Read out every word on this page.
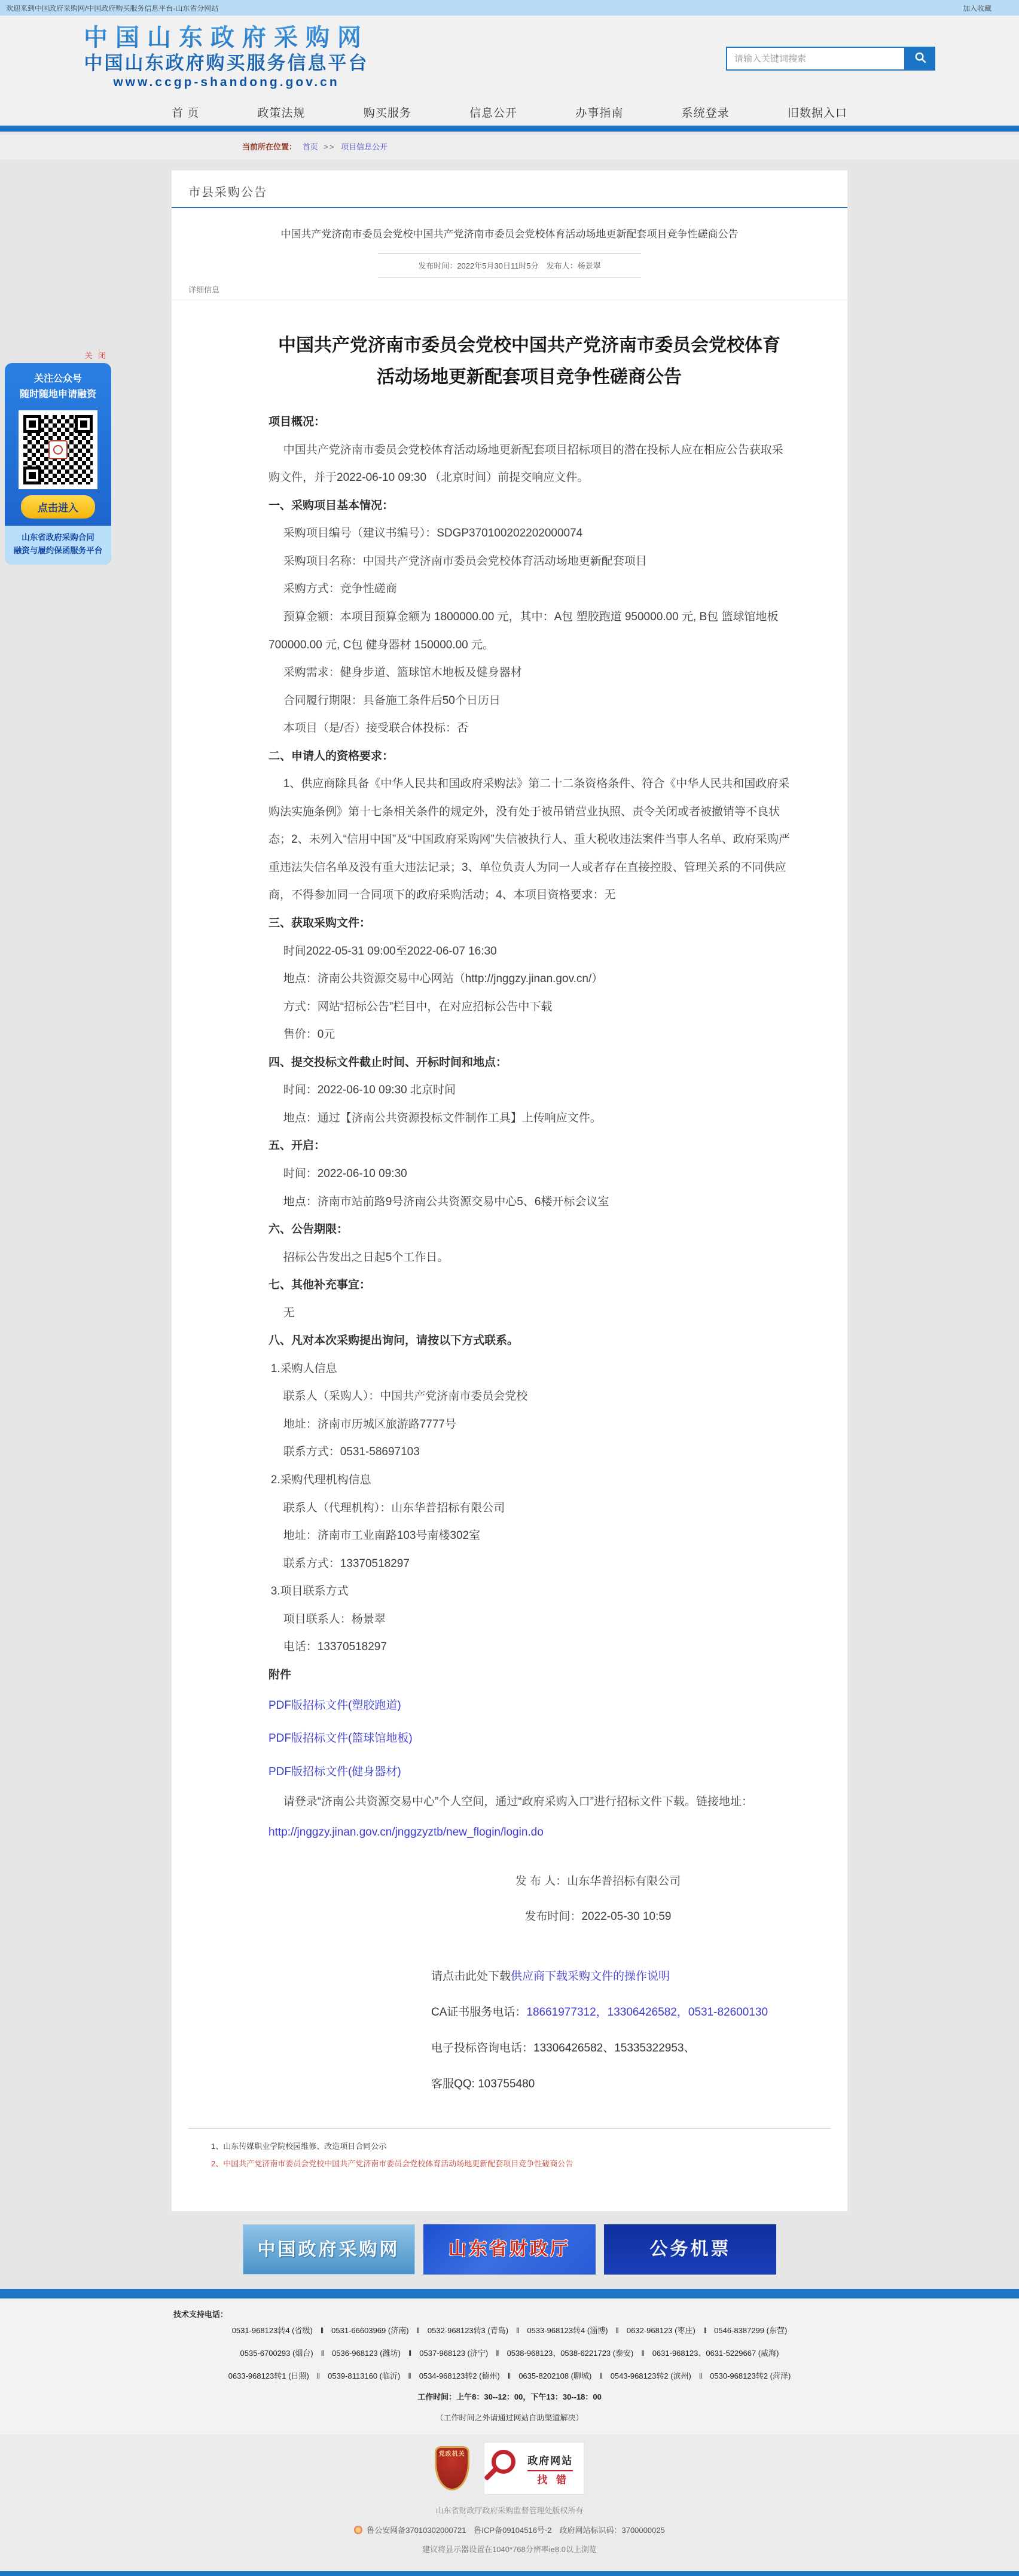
欢迎来到中国政府采购网/中国政府购买服务信息平台-山东省分网站	加入收藏
中国山东政府采购网
中国山东政府购买服务信息平台
www.ccgp-shandong.gov.cn
请输入关键词搜索
首 页	政策法规	购买服务	信息公开	办事指南	系统登录	旧数据入口
当前所在位置： 首页 >> 项目信息公开
关 闭
关注公众号
随时随地申请融资
点击进入
山东省政府采购合同
融资与履约保函服务平台
市县采购公告
中国共产党济南市委员会党校中国共产党济南市委员会党校体育活动场地更新配套项目竞争性磋商公告
发布时间：2022年5月30日11时5分　发布人：杨景翠
详细信息
中国共产党济南市委员会党校中国共产党济南市委员会党校体育活动场地更新配套项目竞争性磋商公告
项目概况：
中国共产党济南市委员会党校体育活动场地更新配套项目招标项目的潜在投标人应在相应公告获取采购文件，并于2022-06-10 09:30 （北京时间）前提交响应文件。
一、采购项目基本情况：
采购项目编号（建议书编号）：SDGP370100202202000074
采购项目名称：中国共产党济南市委员会党校体育活动场地更新配套项目
采购方式：竞争性磋商
预算金额：本项目预算金额为 1800000.00 元，其中：A包 塑胶跑道 950000.00 元, B包 篮球馆地板 700000.00 元, C包 健身器材 150000.00 元。
采购需求：健身步道、篮球馆木地板及健身器材
合同履行期限：具备施工条件后50个日历日
本项目（是/否）接受联合体投标：否
二、申请人的资格要求：
1、供应商除具备《中华人民共和国政府采购法》第二十二条资格条件、符合《中华人民共和国政府采购法实施条例》第十七条相关条件的规定外，没有处于被吊销营业执照、责令关闭或者被撤销等不良状态；2、未列入“信用中国”及“中国政府采购网”失信被执行人、重大税收违法案件当事人名单、政府采购严重违法失信名单及没有重大违法记录；3、单位负责人为同一人或者存在直接控股、管理关系的不同供应商，不得参加同一合同项下的政府采购活动；4、本项目资格要求：无
三、获取采购文件：
时间2022-05-31 09:00至2022-06-07 16:30
地点：济南公共资源交易中心网站（http://jnggzy.jinan.gov.cn/）
方式：网站“招标公告”栏目中，在对应招标公告中下载
售价：0元
四、提交投标文件截止时间、开标时间和地点：
时间：2022-06-10 09:30 北京时间
地点：通过【济南公共资源投标文件制作工具】上传响应文件。
五、开启：
时间：2022-06-10 09:30
地点：济南市站前路9号济南公共资源交易中心5、6楼开标会议室
六、公告期限：
招标公告发出之日起5个工作日。
七、其他补充事宜：
无
八、凡对本次采购提出询问，请按以下方式联系。
1.采购人信息
联系人（采购人）：中国共产党济南市委员会党校
地址：济南市历城区旅游路7777号
联系方式：0531-58697103
2.采购代理机构信息
联系人（代理机构）：山东华普招标有限公司
地址：济南市工业南路103号南楼302室
联系方式：13370518297
3.项目联系方式
项目联系人：杨景翠
电话：13370518297
附件
PDF版招标文件(塑胶跑道)
PDF版招标文件(篮球馆地板)
PDF版招标文件(健身器材)
请登录“济南公共资源交易中心”个人空间，通过“政府采购入口”进行招标文件下载。链接地址：
http://jnggzy.jinan.gov.cn/jnggzyztb/new_flogin/login.do
发 布 人：山东华普招标有限公司
发布时间：2022-05-30 10:59
请点击此处下载供应商下载采购文件的操作说明
CA证书服务电话：18661977312，13306426582，0531-82600130
电子投标咨询电话：13306426582、15335322953、
客服QQ: 103755480
1、山东传媒职业学院校园维修、改造项目合同公示
2、中国共产党济南市委员会党校中国共产党济南市委员会党校体育活动场地更新配套项目竞争性磋商公告
中国政府采购网	山东省财政厅	公务机票
技术支持电话：
0531-968123转4 (省级)　‖　0531-66603969 (济南)　‖　0532-968123转3 (青岛)　‖　0533-968123转4 (淄博)　‖　0632-968123 (枣庄)　‖　0546-8387299 (东营)
0535-6700293 (烟台)　‖　0536-968123 (潍坊)　‖　0537-968123 (济宁)　‖　0538-968123、0538-6221723 (泰安)　‖　0631-968123、0631-5229667 (威海)
0633-968123转1 (日照)　‖　0539-8113160 (临沂)　‖　0534-968123转2 (德州)　‖　0635-8202108 (聊城)　‖　0543-968123转2 (滨州)　‖　0530-968123转2 (菏泽)
工作时间：上午8：30--12：00，下午13：30--18：00
（工作时间之外请通过网站自助渠道解决）
党政机关
政府网站 找 错
山东省财政厅政府采购监督管理处版权所有
鲁公安网备37010302000721　鲁ICP备09104516号-2　政府网站标识码：3700000025
建议将显示器设置在1040*768分辨率ie8.0以上浏览
